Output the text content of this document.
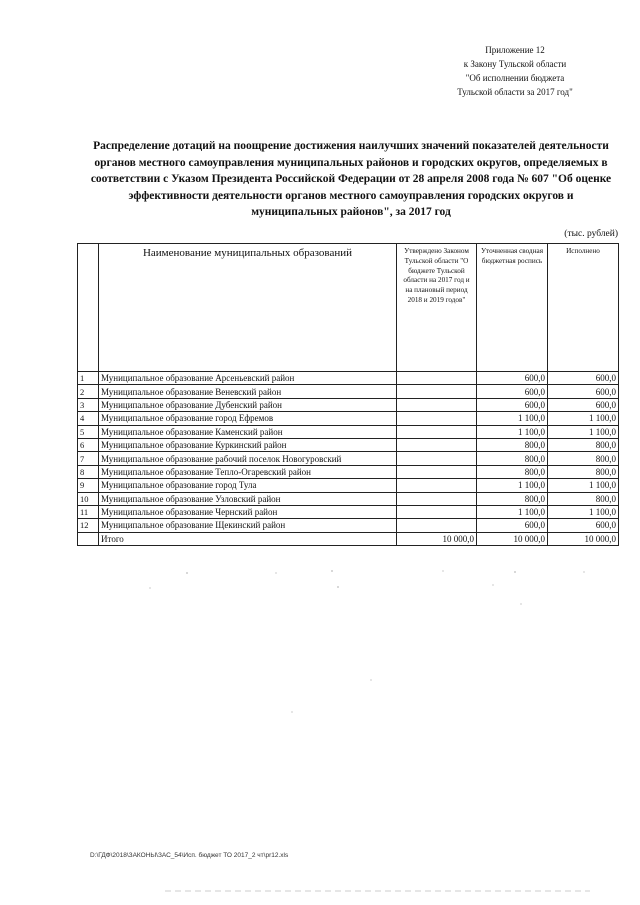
Приложение 12
к Закону Тульской области
"Об исполнении бюджета
Тульской области за 2017 год"
Распределение дотаций на поощрение достижения наилучших значений показателей деятельности органов местного самоуправления муниципальных районов и городских округов, определяемых в соответствии с Указом Президента Российской Федерации от 28 апреля 2008 года № 607 "Об оценке эффективности деятельности органов местного самоуправления городских округов и муниципальных районов", за 2017 год
(тыс. рублей)
	Наименование муниципальных образований	Утверждено Законом Тульской области "О бюджете Тульской области на 2017 год и на плановый период 2018 и 2019 годов"	Уточненная сводная бюджетная роспись	Исполнено
1	Муниципальное образование Арсеньевский район		600,0	600,0
2	Муниципальное образование Веневский район		600,0	600,0
3	Муниципальное образование Дубенский район		600,0	600,0
4	Муниципальное образование город Ефремов		1 100,0	1 100,0
5	Муниципальное образование Каменский район		1 100,0	1 100,0
6	Муниципальное образование Куркинский район		800,0	800,0
7	Муниципальное образование рабочий поселок Новогуровский		800,0	800,0
8	Муниципальное образование Тепло-Огаревский район		800,0	800,0
9	Муниципальное образование город Тула		1 100,0	1 100,0
10	Муниципальное образование Узловский район		800,0	800,0
11	Муниципальное образование Чернский район		1 100,0	1 100,0
12	Муниципальное образование Щекинский район		600,0	600,0
	Итого	10 000,0	10 000,0	10 000,0
D:\ГДФ\2018\ЗАКОНЫ\ЗАС_54\Исп. бюджет ТО 2017_2 чт\pr12.xls
